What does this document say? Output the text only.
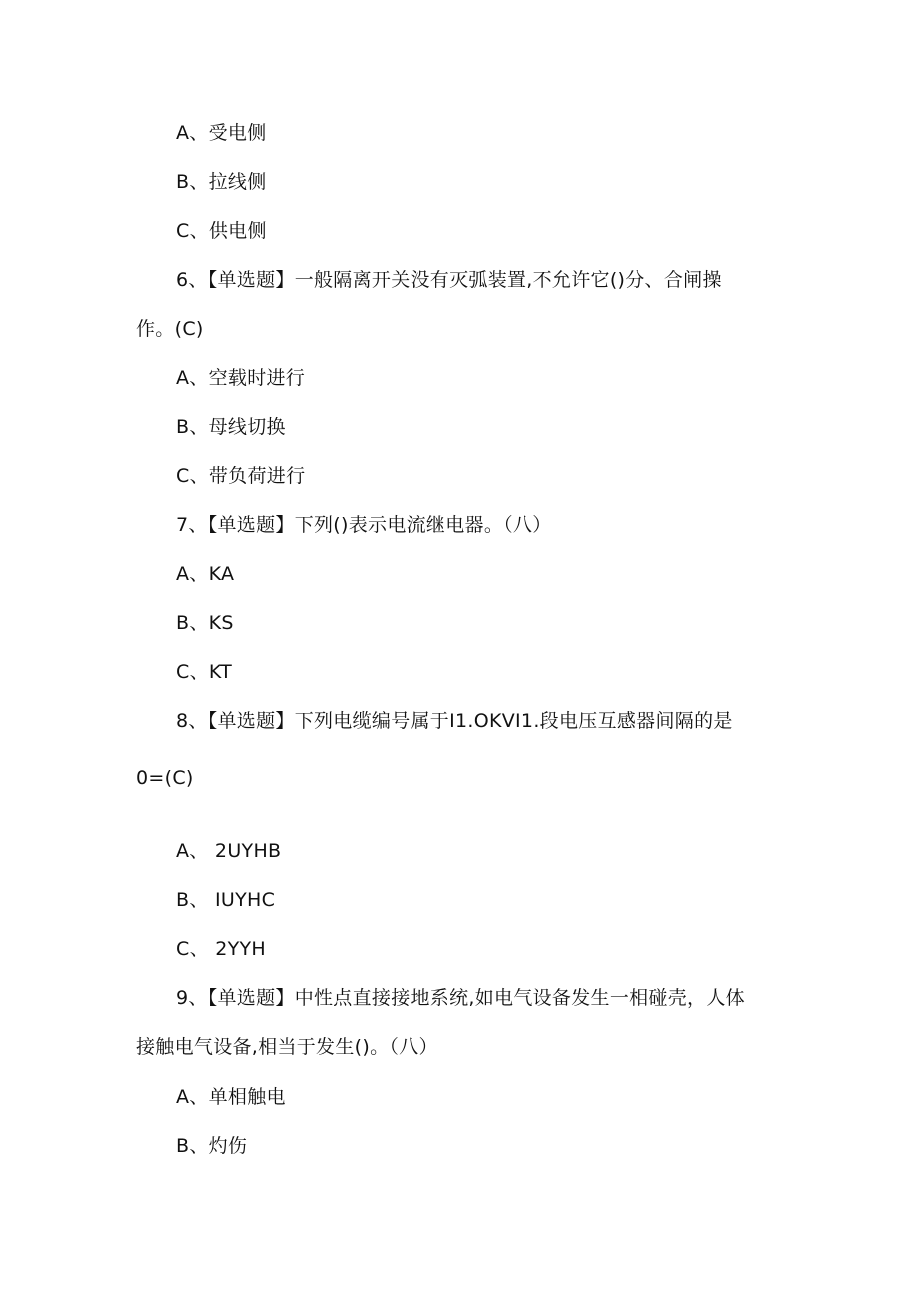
A、受电侧
B、拉线侧
C、供电侧
6、【单选题】一般隔离开关没有灭弧装置,不允许它()分、合闸操
作。(C)
A、空载时进行
B、母线切换
C、带负荷进行
7、【单选题】下列()表示电流继电器。（八）
A、KA
B、KS
C、KT
8、【单选题】下列电缆编号属于I1.OKVI1.段电压互感器间隔的是
0=(C)
A、 2UYHB
B、 IUYHC
C、 2YYH
9、【单选题】中性点直接接地系统,如电气设备发生一相碰壳，人体
接触电气设备,相当于发生()。（八）
A、单相触电
B、灼伤
